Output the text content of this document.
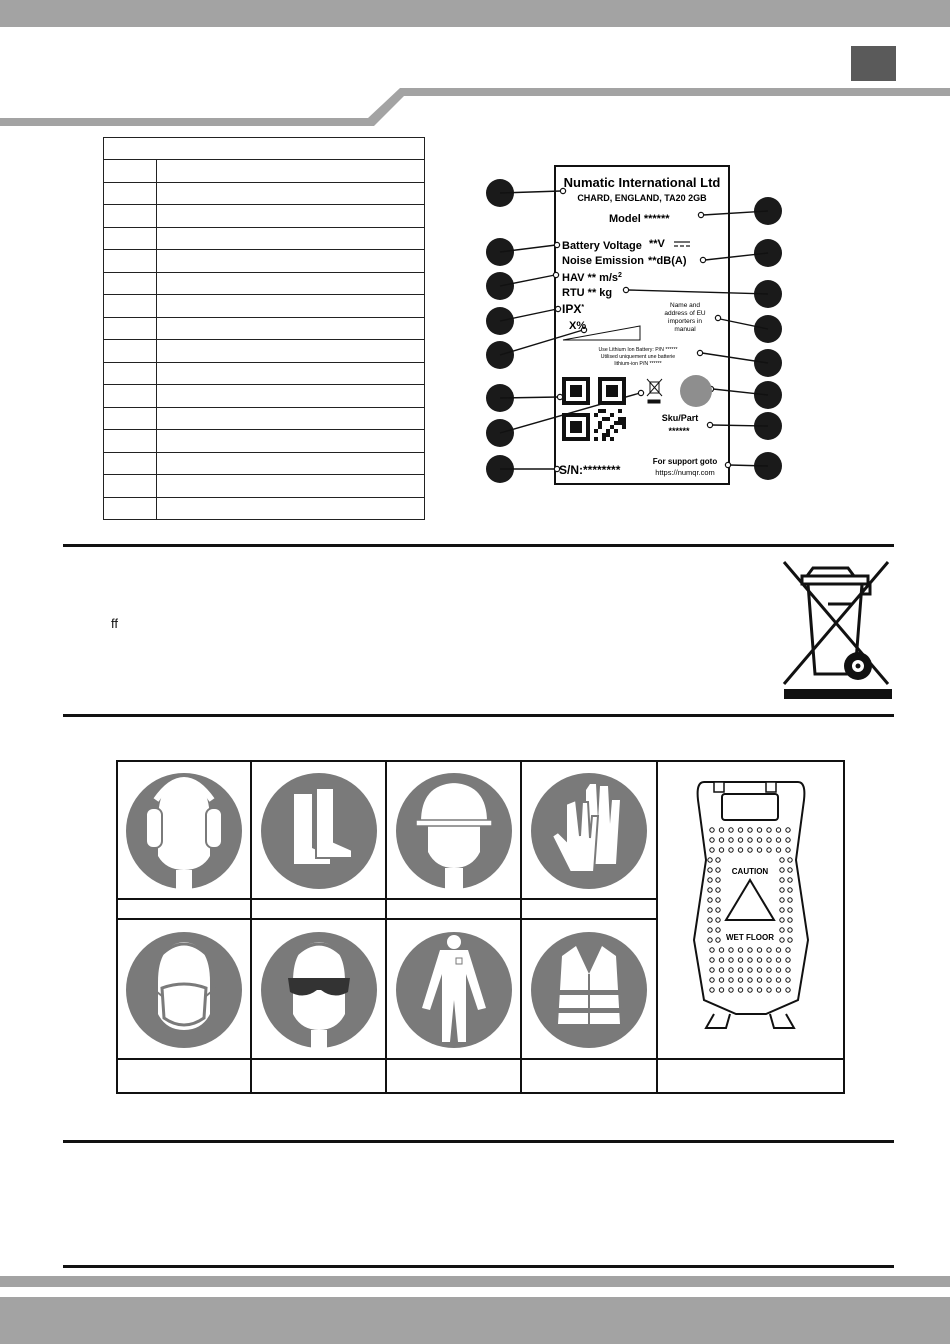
Numatic International Ltd
CHARD, ENGLAND, TA20 2GB
Model ******
Battery Voltage **V
Noise Emission **dB(A)
HAV ** $m/s^2$
RTU ** kg
IPX*
X%
Name and
address of EU
importers in
manual
Use Lithium Ion Battery: P/N ******
Utilised uniquement une batterie
lithium-ion P/N ******
Sku/Part
******
S/N:********
For support goto
https://numqr.com
ff
CAUTION
WET FLOOR
